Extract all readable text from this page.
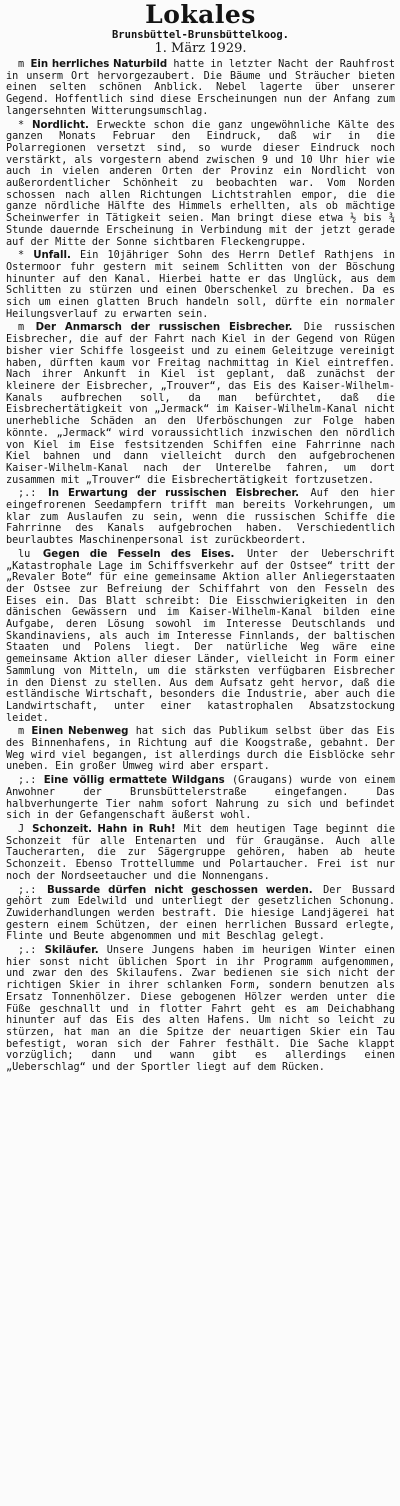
Lokales
Brunsbüttel-Brunsbüttelkoog.
1. März 1929.

m Ein herrliches Naturbild hatte in letzter Nacht der Rauhfrost in unserm Ort hervorgezaubert. Die Bäume und Sträucher bieten einen selten schönen Anblick. Nebel lagerte über unserer Gegend. Hoffentlich sind diese Erscheinungen nun der Anfang zum langersehnten Witterungsumschlag.

* Nordlicht. Erweckte schon die ganz ungewöhnliche Kälte des ganzen Monats Februar den Eindruck, daß wir in die Polarregionen versetzt sind, so wurde dieser Eindruck noch verstärkt, als vorgestern abend zwischen 9 und 10 Uhr hier wie auch in vielen anderen Orten der Provinz ein Nordlicht von außerordentlicher Schönheit zu beobachten war. Vom Norden schossen nach allen Richtungen Lichtstrahlen empor, die die ganze nördliche Hälfte des Himmels erhellten, als ob mächtige Scheinwerfer in Tätigkeit seien. Man bringt diese etwa ½ bis ¾ Stunde dauernde Erscheinung in Verbindung mit der jetzt gerade auf der Mitte der Sonne sichtbaren Fleckengruppe.

* Unfall. Ein 10jähriger Sohn des Herrn Detlef Rathjens in Ostermoor fuhr gestern mit seinem Schlitten von der Böschung hinunter auf den Kanal. Hierbei hatte er das Unglück, aus dem Schlitten zu stürzen und einen Oberschenkel zu brechen. Da es sich um einen glatten Bruch handeln soll, dürfte ein normaler Heilungsverlauf zu erwarten sein.

m Der Anmarsch der russischen Eisbrecher. Die russischen Eisbrecher, die auf der Fahrt nach Kiel in der Gegend von Rügen bisher vier Schiffe losgeeist und zu einem Geleitzuge vereinigt haben, dürften kaum vor Freitag nachmittag in Kiel eintreffen. Nach ihrer Ankunft in Kiel ist geplant, daß zunächst der kleinere der Eisbrecher, „Trouver“, das Eis des Kaiser-Wilhelm-Kanals aufbrechen soll, da man befürchtet, daß die Eisbrechertätigkeit von „Jermack“ im Kaiser-Wilhelm-Kanal nicht unerhebliche Schäden an den Uferböschungen zur Folge haben könnte. „Jermack“ wird voraussichtlich inzwischen den nördlich von Kiel im Eise festsitzenden Schiffen eine Fahrrinne nach Kiel bahnen und dann vielleicht durch den aufgebrochenen Kaiser-Wilhelm-Kanal nach der Unterelbe fahren, um dort zusammen mit „Trouver“ die Eisbrechertätigkeit fortzusetzen.

;.: In Erwartung der russischen Eisbrecher. Auf den hier eingefrorenen Seedampfern trifft man bereits Vorkehrungen, um klar zum Auslaufen zu sein, wenn die russischen Schiffe die Fahrrinne des Kanals aufgebrochen haben. Verschiedentlich beurlaubtes Maschinenpersonal ist zurückbeordert.

lu Gegen die Fesseln des Eises. Unter der Ueberschrift „Katastrophale Lage im Schiffsverkehr auf der Ostsee“ tritt der „Revaler Bote“ für eine gemeinsame Aktion aller Anliegerstaaten der Ostsee zur Befreiung der Schiffahrt von den Fesseln des Eises ein. Das Blatt schreibt: Die Eisschwierigkeiten in den dänischen Gewässern und im Kaiser-Wilhelm-Kanal bilden eine Aufgabe, deren Lösung sowohl im Interesse Deutschlands und Skandinaviens, als auch im Interesse Finnlands, der baltischen Staaten und Polens liegt. Der natürliche Weg wäre eine gemeinsame Aktion aller dieser Länder, vielleicht in Form einer Sammlung von Mitteln, um die stärksten verfügbaren Eisbrecher in den Dienst zu stellen. Aus dem Aufsatz geht hervor, daß die estländische Wirtschaft, besonders die Industrie, aber auch die Landwirtschaft, unter einer katastrophalen Absatzstockung leidet.

m Einen Nebenweg hat sich das Publikum selbst über das Eis des Binnenhafens, in Richtung auf die Koogstraße, gebahnt. Der Weg wird viel begangen, ist allerdings durch die Eisblöcke sehr uneben. Ein großer Umweg wird aber erspart.

;.: Eine völlig ermattete Wildgans (Graugans) wurde von einem Anwohner der Brunsbüttelerstraße eingefangen. Das halbverhungerte Tier nahm sofort Nahrung zu sich und befindet sich in der Gefangenschaft äußerst wohl.

J Schonzeit. Hahn in Ruh! Mit dem heutigen Tage beginnt die Schonzeit für alle Entenarten und für Graugänse. Auch alle Taucherarten, die zur Sägergruppe gehören, haben ab heute Schonzeit. Ebenso Trottellumme und Polartaucher. Frei ist nur noch der Nordseetaucher und die Nonnengans.

;.: Bussarde dürfen nicht geschossen werden. Der Bussard gehört zum Edelwild und unterliegt der gesetzlichen Schonung. Zuwiderhandlungen werden bestraft. Die hiesige Landjägerei hat gestern einem Schützen, der einen herrlichen Bussard erlegte, Flinte und Beute abgenommen und mit Beschlag gelegt.

;.: Skiläufer. Unsere Jungens haben im heurigen Winter einen hier sonst nicht üblichen Sport in ihr Programm aufgenommen, und zwar den des Skilaufens. Zwar bedienen sie sich nicht der richtigen Skier in ihrer schlanken Form, sondern benutzen als Ersatz Tonnenhölzer. Diese gebogenen Hölzer werden unter die Füße geschnallt und in flotter Fahrt geht es am Deichabhang hinunter auf das Eis des alten Hafens. Um nicht so leicht zu stürzen, hat man an die Spitze der neuartigen Skier ein Tau befestigt, woran sich der Fahrer festhält. Die Sache klappt vorzüglich; dann und wann gibt es allerdings einen „Ueberschlag“ und der Sportler liegt auf dem Rücken.
